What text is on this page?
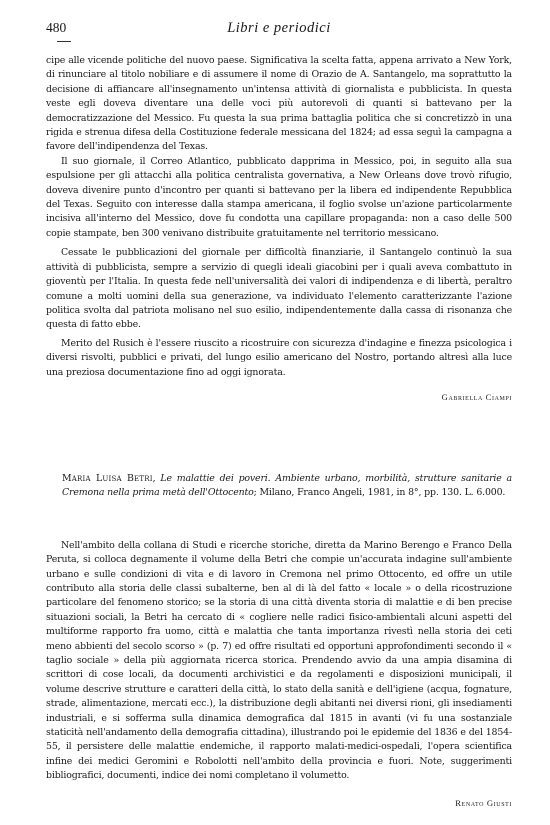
480	Libri e periodici

cipe alle vicende politiche del nuovo paese. Significativa la scelta fatta, appena arrivato a New York, di rinunciare al titolo nobiliare e di assumere il nome di Orazio de A. Santangelo, ma soprattutto la decisione di affiancare all'insegnamento un'intensa attività di giornalista e pubblicista. In questa veste egli doveva diventare una delle voci più autorevoli di quanti si battevano per la democratizzazione del Messico. Fu questa la sua prima battaglia politica che si concretizzò in una rigida e strenua difesa della Costituzione federale messicana del 1824; ad essa seguì la campagna a favore dell'indipendenza del Texas.

Il suo giornale, il Correo Atlantico, pubblicato dapprima in Messico, poi, in seguito alla sua espulsione per gli attacchi alla politica centralista governativa, a New Orleans dove trovò rifugio, doveva divenire punto d'incontro per quanti si battevano per la libera ed indipendente Repubblica del Texas. Seguito con interesse dalla stampa americana, il foglio svolse un'azione particolarmente incisiva all'interno del Messico, dove fu condotta una capillare propaganda: non a caso delle 500 copie stampate, ben 300 venivano distribuite gratuitamente nel territorio messicano.

Cessate le pubblicazioni del giornale per difficoltà finanziarie, il Santangelo continuò la sua attività di pubblicista, sempre a servizio di quegli ideali giacobini per i quali aveva combattuto in gioventù per l'Italia. In questa fede nell'universalità dei valori di indipendenza e di libertà, peraltro comune a molti uomini della sua generazione, va individuato l'elemento caratterizzante l'azione politica svolta dal patriota molisano nel suo esilio, indipendentemente dalla cassa di risonanza che questa di fatto ebbe.

Merito del Rusich è l'essere riuscito a ricostruire con sicurezza d'indagine e finezza psicologica i diversi risvolti, pubblici e privati, del lungo esilio americano del Nostro, portando altresì alla luce una preziosa documentazione fino ad oggi ignorata.

Gabriella Ciampi

Maria Luisa Betri, Le malattie dei poveri. Ambiente urbano, morbilità, strutture sanitarie a Cremona nella prima metà dell'Ottocento; Milano, Franco Angeli, 1981, in 8°, pp. 130. L. 6.000.

Nell'ambito della collana di Studi e ricerche storiche, diretta da Marino Berengo e Franco Della Peruta, si colloca degnamente il volume della Betri che compie un'accurata indagine sull'ambiente urbano e sulle condizioni di vita e di lavoro in Cremona nel primo Ottocento, ed offre un utile contributo alla storia delle classi subalterne, ben al di là del fatto « locale » o della ricostruzione particolare del fenomeno storico; se la storia di una città diventa storia di malattie e di ben precise situazioni sociali, la Betri ha cercato di « cogliere nelle radici fisico-ambientali alcuni aspetti del multiforme rapporto fra uomo, città e malattia che tanta importanza rivestì nella storia dei ceti meno abbienti del secolo scorso » (p. 7) ed offre risultati ed opportuni approfondimenti secondo il « taglio sociale » della più aggiornata ricerca storica. Prendendo avvio da una ampia disamina di scrittori di cose locali, da documenti archivistici e da regolamenti e disposizioni municipali, il volume descrive strutture e caratteri della città, lo stato della sanità e dell'igiene (acqua, fognature, strade, alimentazione, mercati ecc.), la distribuzione degli abitanti nei diversi rioni, gli insediamenti industriali, e si sofferma sulla dinamica demografica dal 1815 in avanti (vi fu una sostanziale staticità nell'andamento della demografia cittadina), illustrando poi le epidemie del 1836 e del 1854-55, il persistere delle malattie endemiche, il rapporto malati-medici-ospedali, l'opera scientifica infine dei medici Geromini e Robolotti nell'ambito della provincia e fuori. Note, suggerimenti bibliografici, documenti, indice dei nomi completano il volumetto.

Renato Giusti
